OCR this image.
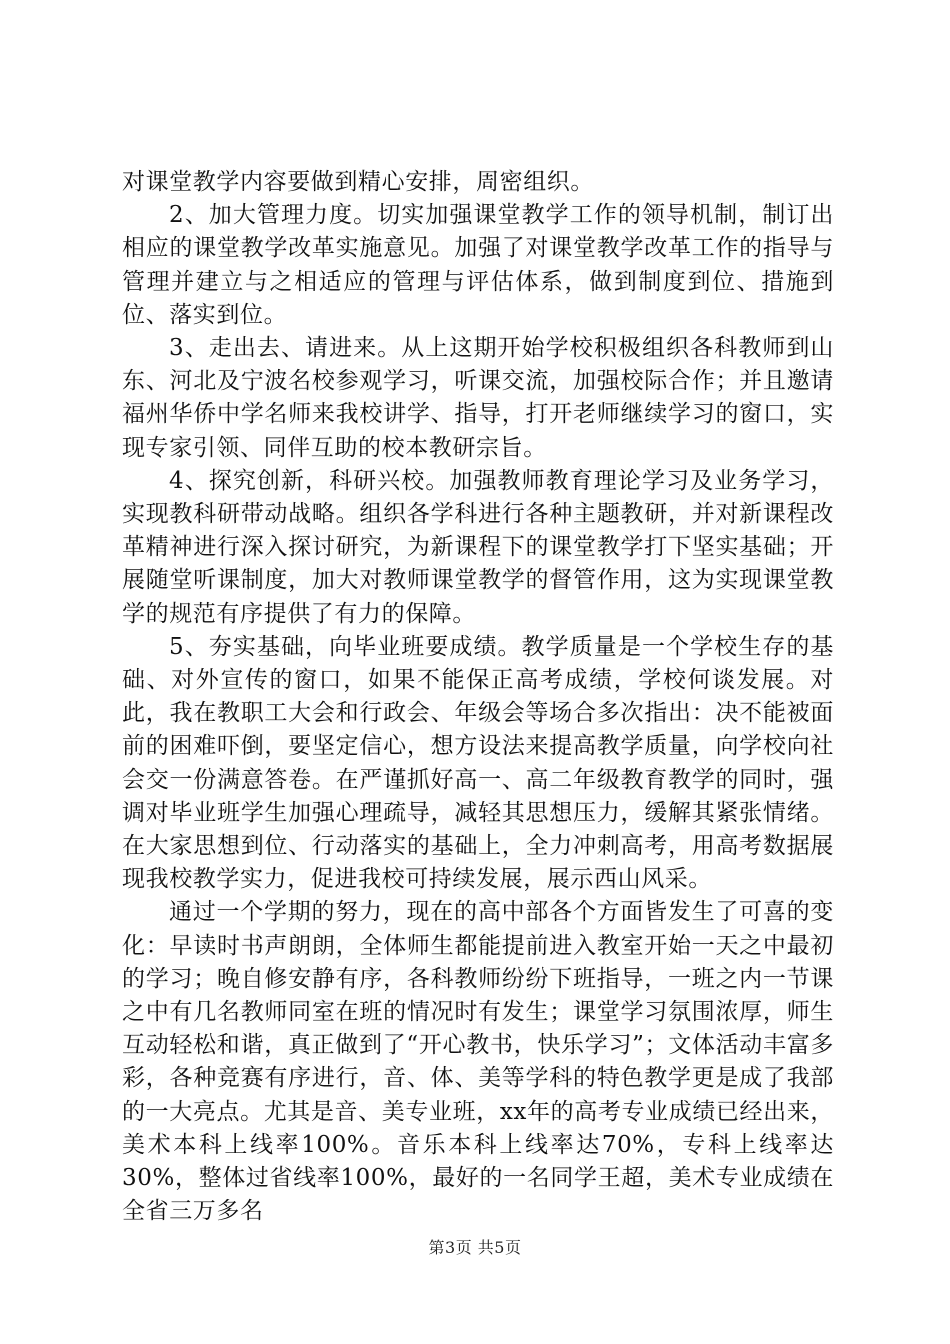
对课堂教学内容要做到精心安排，周密组织。

2、加大管理力度。切实加强课堂教学工作的领导机制，制订出相应的课堂教学改革实施意见。加强了对课堂教学改革工作的指导与管理并建立与之相适应的管理与评估体系，做到制度到位、措施到位、落实到位。

3、走出去、请进来。从上这期开始学校积极组织各科教师到山东、河北及宁波名校参观学习，听课交流，加强校际合作；并且邀请福州华侨中学名师来我校讲学、指导，打开老师继续学习的窗口，实现专家引领、同伴互助的校本教研宗旨。

4、探究创新，科研兴校。加强教师教育理论学习及业务学习，实现教科研带动战略。组织各学科进行各种主题教研，并对新课程改革精神进行深入探讨研究，为新课程下的课堂教学打下坚实基础；开展随堂听课制度，加大对教师课堂教学的督管作用，这为实现课堂教学的规范有序提供了有力的保障。

5、夯实基础，向毕业班要成绩。教学质量是一个学校生存的基础、对外宣传的窗口，如果不能保正高考成绩，学校何谈发展。对此，我在教职工大会和行政会、年级会等场合多次指出：决不能被面前的困难吓倒，要坚定信心，想方设法来提高教学质量，向学校向社会交一份满意答卷。在严谨抓好高一、高二年级教育教学的同时，强调对毕业班学生加强心理疏导，减轻其思想压力，缓解其紧张情绪。在大家思想到位、行动落实的基础上，全力冲刺高考，用高考数据展现我校教学实力，促进我校可持续发展，展示西山风采。

通过一个学期的努力，现在的高中部各个方面皆发生了可喜的变化：早读时书声朗朗，全体师生都能提前进入教室开始一天之中最初的学习；晚自修安静有序，各科教师纷纷下班指导，一班之内一节课之中有几名教师同室在班的情况时有发生；课堂学习氛围浓厚，师生互动轻松和谐，真正做到了“开心教书，快乐学习”；文体活动丰富多彩，各种竞赛有序进行，音、体、美等学科的特色教学更是成了我部的一大亮点。尤其是音、美专业班，xx年的高考专业成绩已经出来，美术本科上线率100%。音乐本科上线率达70%，专科上线率达30%，整体过省线率100%，最好的一名同学王超，美术专业成绩在全省三万多名

第3页 共5页
